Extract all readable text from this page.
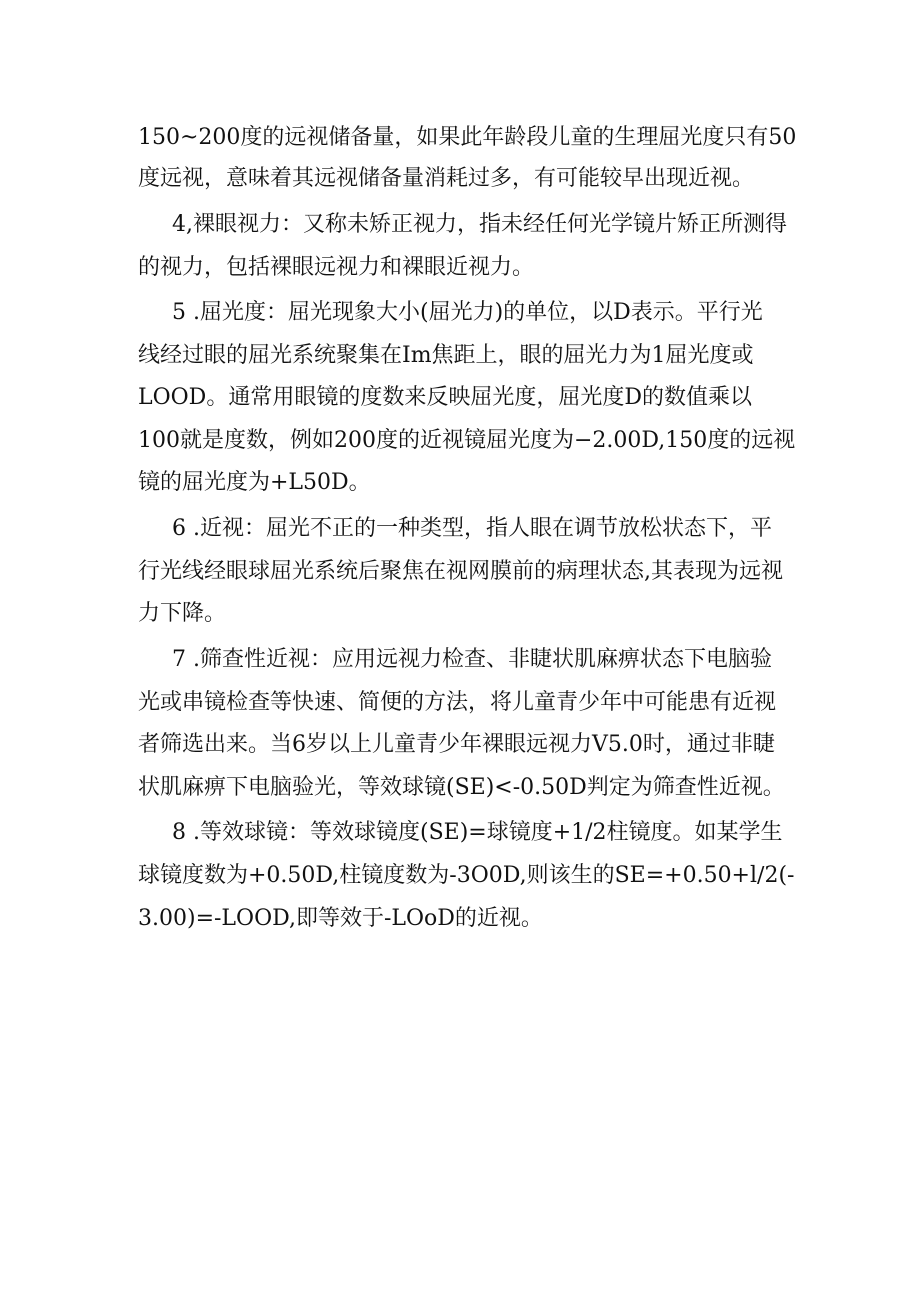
150~200度的远视储备量，如果此年龄段儿童的生理屈光度只有50

度远视，意味着其远视储备量消耗过多，有可能较早出现近视。

4,裸眼视力：又称未矫正视力，指未经任何光学镜片矫正所测得

的视力，包括裸眼远视力和裸眼近视力。

5 .屈光度：屈光现象大小(屈光力)的单位，以D表示。平行光

线经过眼的屈光系统聚集在Im焦距上，眼的屈光力为1屈光度或

LOOD。通常用眼镜的度数来反映屈光度，屈光度D的数值乘以

100就是度数，例如200度的近视镜屈光度为−2.00D,150度的远视

镜的屈光度为+L50D。

6 .近视：屈光不正的一种类型，指人眼在调节放松状态下，平

行光线经眼球屈光系统后聚焦在视网膜前的病理状态,其表现为远视

力下降。

7 .筛查性近视：应用远视力检查、非睫状肌麻痹状态下电脑验

光或串镜检查等快速、简便的方法，将儿童青少年中可能患有近视

者筛选出来。当6岁以上儿童青少年裸眼远视力V5.0时，通过非睫

状肌麻痹下电脑验光，等效球镜(SE)<-0.50D判定为筛查性近视。

8 .等效球镜：等效球镜度(SE)=球镜度+1/2柱镜度。如某学生

球镜度数为+0.50D,柱镜度数为-3O0D,则该生的SE=+0.50+l∕2(-

3.00)=-LOOD,即等效于-LOoD的近视。
